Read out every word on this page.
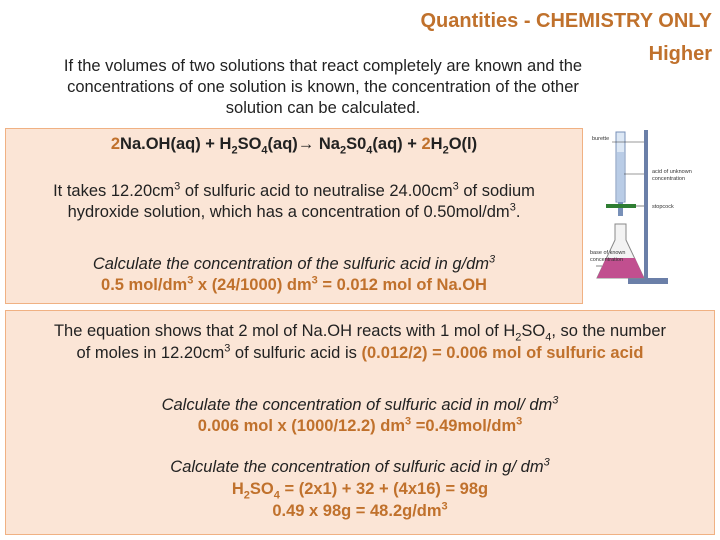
Quantities - CHEMISTRY ONLY
Higher
If the volumes of two solutions that react completely are known and the
concentrations of one solution is known, the concentration of the other
solution can be calculated.
$2Na.OH(aq) + H_2SO_4(aq)\to Na_2S0_4(aq) + 2H_2O(l)$
It takes $12.20cm^3$ of sulfuric acid to neutralise $24.00cm^3$ of sodium
hydroxide solution, which has a concentration of $0.50mol/dm^3$.
Calculate the concentration of the sulfuric acid in $g/dm^3$
0.5 mol/$dm^3$ x (24/1000) $dm^3 = 0.012$ mol of Na.OH
burette
acid of unknown
concentration
stopcock
base of known
concentration
The equation shows that 2 mol of Na.OH reacts with 1 mol of $H_2SO_4$, so the number
of moles in $12.20cm^3$ of sulfuric acid is (0.012/2) = 0.006 mol of sulfuric acid
Calculate the concentration of sulfuric acid in mol/ $dm^3$
0.006 mol x (1000/12.2) $dm^3 =0.49mol/dm^3$
Calculate the concentration of sulfuric acid in g/ $dm^3$
$H_2SO_4 = (2x1) + 32 + (4x16) = 98g$
0.49 x $98g = 48.2g/dm^3$
